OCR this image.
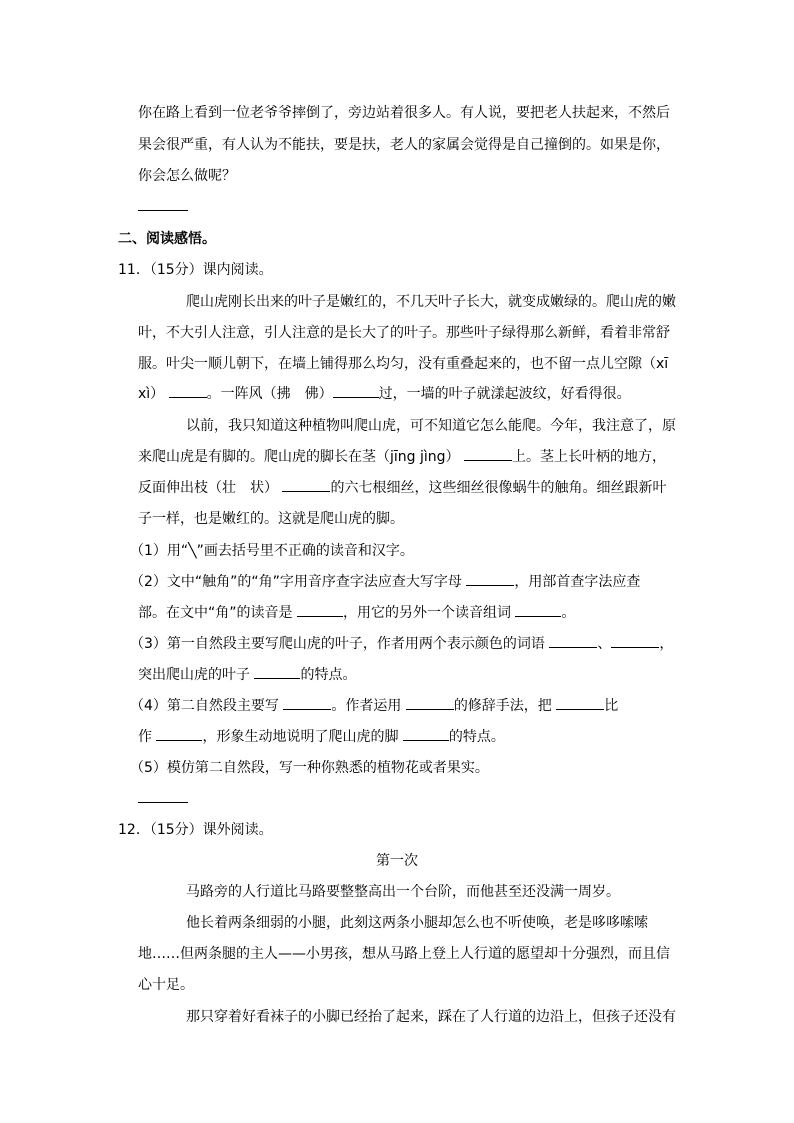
你在路上看到一位老爷爷摔倒了，旁边站着很多人。有人说，要把老人扶起来，不然后
果会很严重，有人认为不能扶，要是扶，老人的家属会觉得是自己撞倒的。如果是你，
你会怎么做呢？
二、阅读感悟。
11．（15分）课内阅读。
爬山虎刚长出来的叶子是嫩红的，不几天叶子长大，就变成嫩绿的。爬山虎的嫩
叶，不大引人注意，引人注意的是长大了的叶子。那些叶子绿得那么新鲜，看着非常舒
服。叶尖一顺儿朝下，在墙上铺得那么均匀，没有重叠起来的，也不留一点儿空隙（xī
xì）	。一阵风（拂　佛）	过，一墙的叶子就漾起波纹，好看得很。
以前，我只知道这种植物叫爬山虎，可不知道它怎么能爬。今年，我注意了，原
来爬山虎是有脚的。爬山虎的脚长在茎（jīng jìng）	上。茎上长叶柄的地方，
反面伸出枝（壮　状）	的六七根细丝，这些细丝很像蜗牛的触角。细丝跟新叶
子一样，也是嫩红的。这就是爬山虎的脚。
（1）用“╲”画去括号里不正确的读音和汉字。
（2）文中“触角”的“角”字用音序查字法应查大写字母	，用部首查字法应查
部。在文中“角”的读音是	，用它的另外一个读音组词	。
（3）第一自然段主要写爬山虎的叶子，作者用两个表示颜色的词语	、	，
突出爬山虎的叶子	的特点。
（4）第二自然段主要写	。作者运用	的修辞手法，把	比
作	，形象生动地说明了爬山虎的脚	的特点。
（5）模仿第二自然段，写一种你熟悉的植物花或者果实。
12．（15分）课外阅读。
第一次
马路旁的人行道比马路要整整高出一个台阶，而他甚至还没满一周岁。
他长着两条细弱的小腿，此刻这两条小腿却怎么也不听使唤，老是哆哆嗦嗦
地……但两条腿的主人——小男孩，想从马路上登上人行道的愿望却十分强烈，而且信
心十足。
那只穿着好看袜子的小脚已经抬了起来，踩在了人行道的边沿上，但孩子还没有
